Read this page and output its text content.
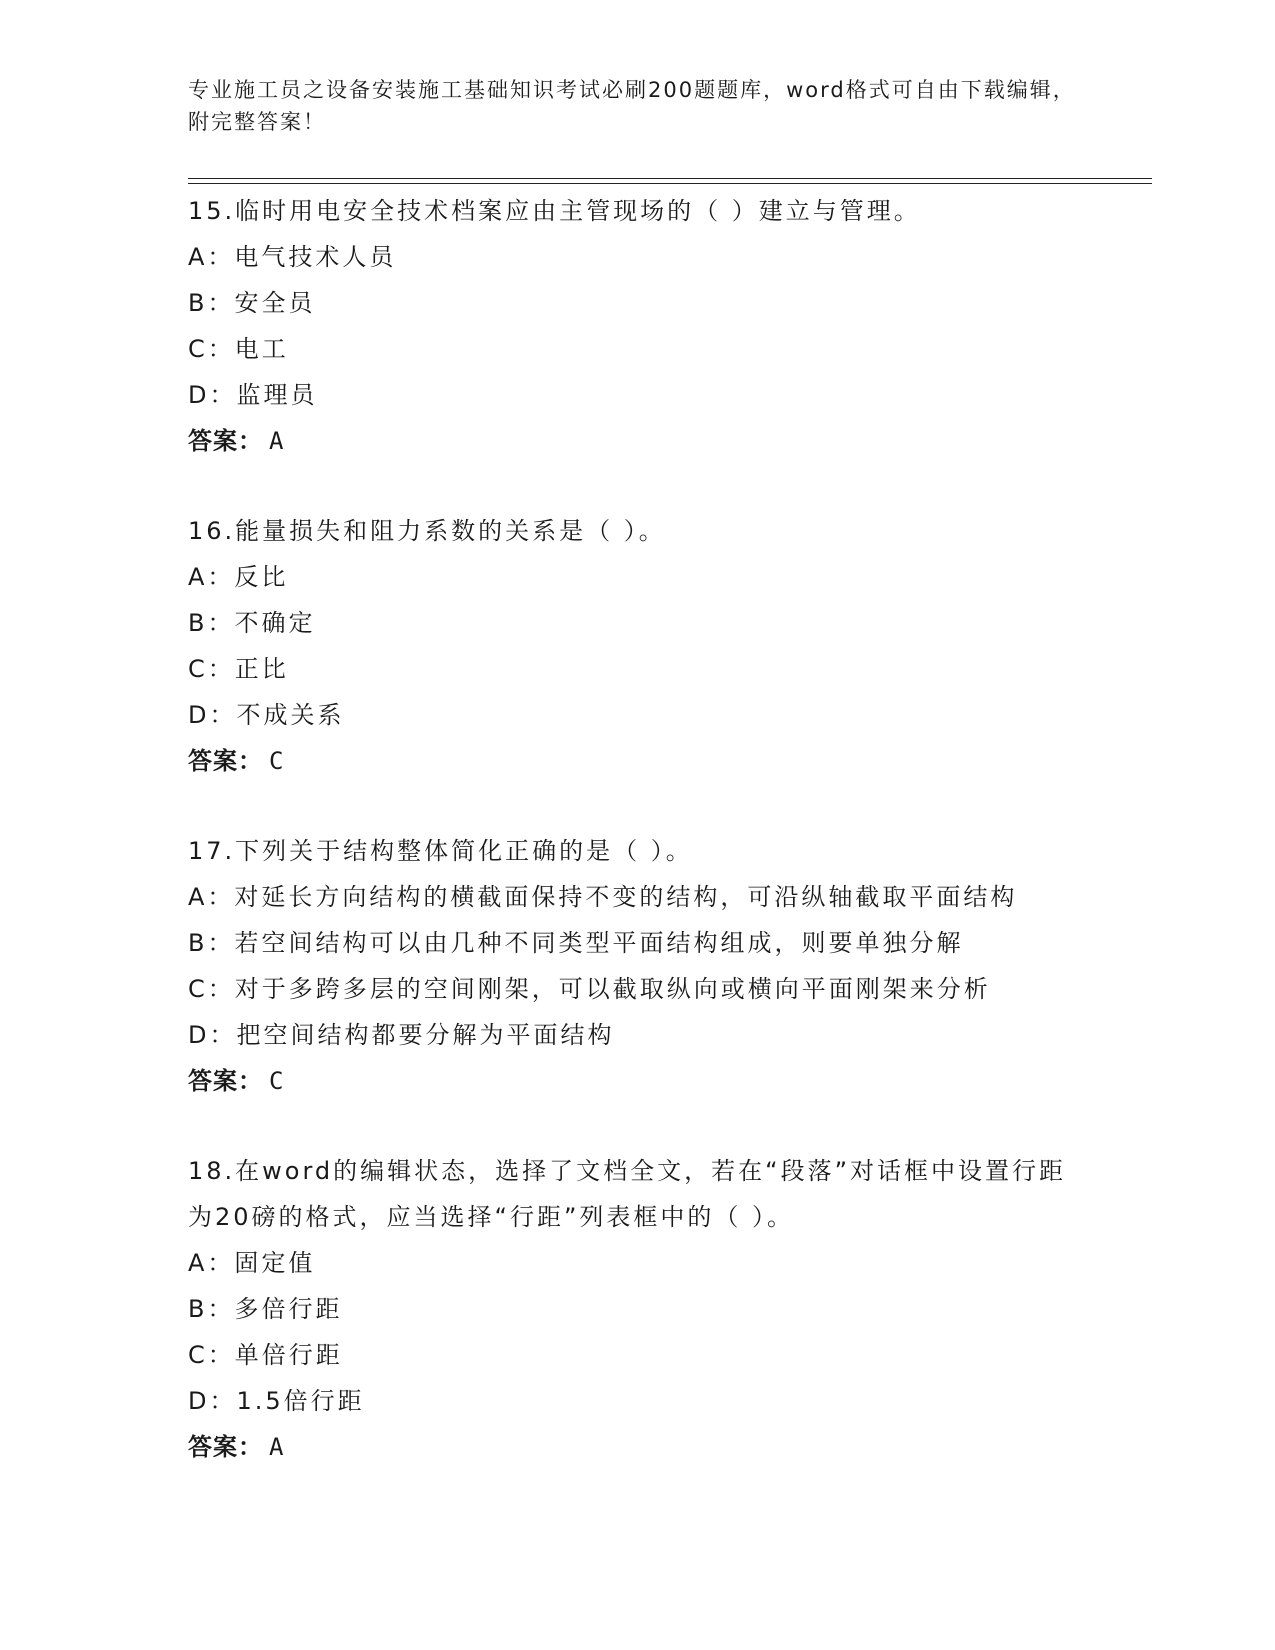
专业施工员之设备安装施工基础知识考试必刷200题题库，word格式可自由下载编辑，附完整答案！
15.临时用电安全技术档案应由主管现场的（ ）建立与管理。
A：电气技术人员
B：安全员
C：电工
D：监理员
答案： A
16.能量损失和阻力系数的关系是（ ）。
A：反比
B：不确定
C：正比
D：不成关系
答案： C
17.下列关于结构整体简化正确的是（ ）。
A：对延长方向结构的横截面保持不变的结构，可沿纵轴截取平面结构
B：若空间结构可以由几种不同类型平面结构组成，则要单独分解
C：对于多跨多层的空间刚架，可以截取纵向或横向平面刚架来分析
D：把空间结构都要分解为平面结构
答案： C
18.在word的编辑状态，选择了文档全文，若在“段落”对话框中设置行距为20磅的格式，应当选择“行距”列表框中的（ ）。
A：固定值
B：多倍行距
C：单倍行距
D：1.5倍行距
答案： A
